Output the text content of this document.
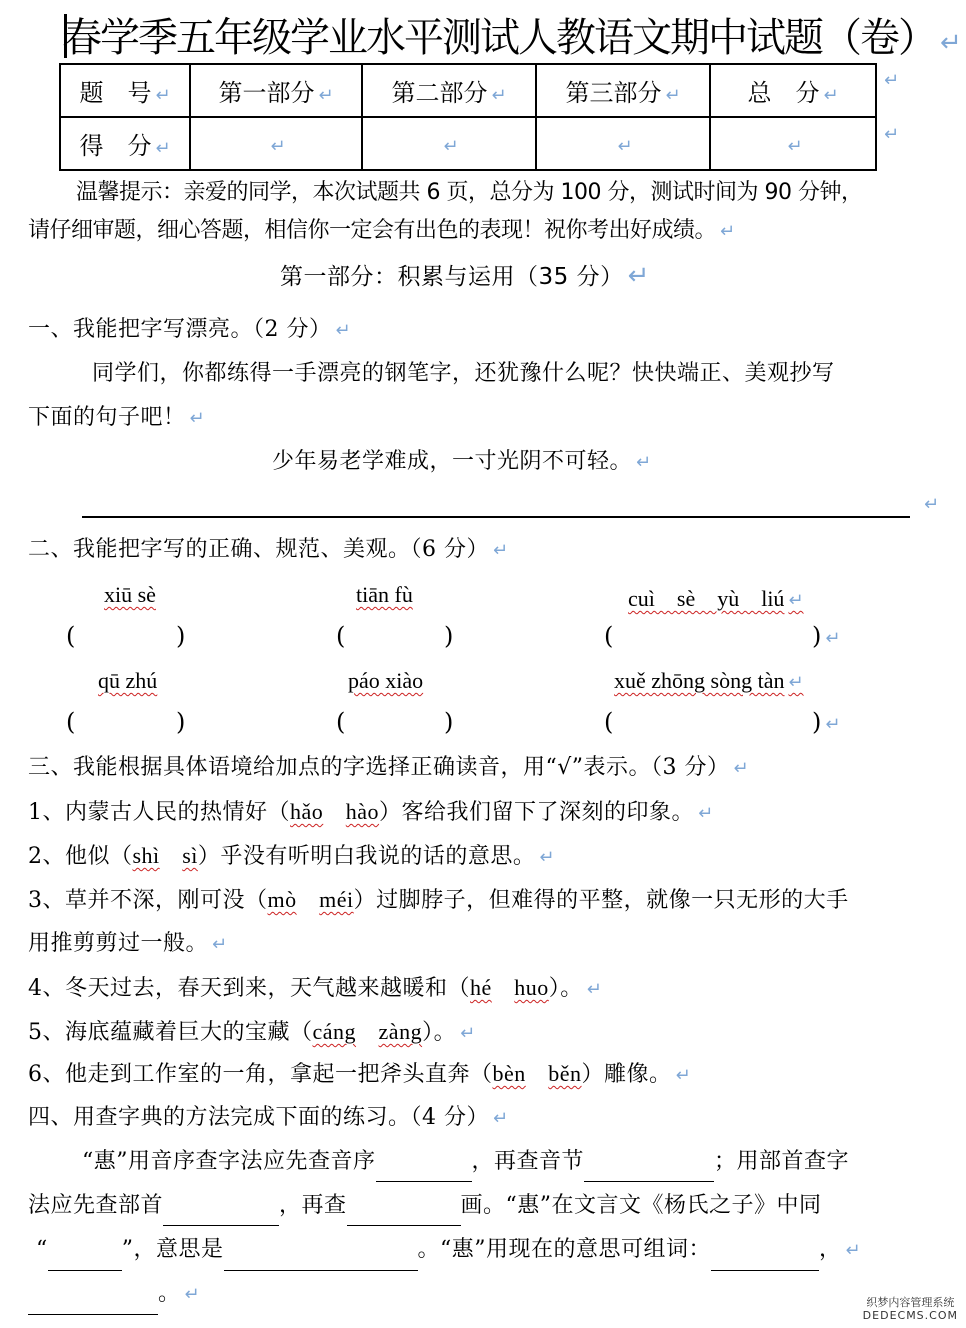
春学季五年级学业水平测试人教语文期中试题（卷） ↵
题　号 ↵	第一部分 ↵	第二部分 ↵	第三部分 ↵	总　分 ↵
得　分 ↵	↵	↵	↵	↵
↵
↵
温馨提示：亲爱的同学，本次试题共 6 页，总分为 100 分，测试时间为 90 分钟，
请仔细审题，细心答题，相信你一定会有出色的表现！祝你考出好成绩。 ↵
第一部分：积累与运用（35 分） ↵
一、我能把字写漂亮。（2 分） ↵
同学们，你都练得一手漂亮的钢笔字，还犹豫什么呢？快快端正、美观抄写
下面的句子吧！ ↵
少年易老学难成，一寸光阴不可轻。 ↵
↵
二、我能把字写的正确、规范、美观。（6 分） ↵
xiū sè	tiān fù	cuì　sè　yù　liú ↵
(	)	(	)	(	) ↵
qū zhú	páo xiào	xuě zhōng sòng tàn ↵
(	)	(	)	(	) ↵
三、我能根据具体语境给加点的字选择正确读音，用“√”表示。（3 分） ↵
1、内蒙古人民的热情好（hǎo　 hào）客给我们留下了深刻的印象。 ↵
2、他似（shì　 sì）乎没有听明白我说的话的意思。 ↵
3、草并不深，刚可没（mò　 méi）过脚脖子，但难得的平整，就像一只无形的大手
用推剪剪过一般。 ↵
4、冬天过去，春天到来，天气越来越暖和（hé　 huo）。 ↵
5、海底蕴藏着巨大的宝藏（cáng　 zàng）。 ↵
6、他走到工作室的一角，拿起一把斧头直奔（bèn　 běn）雕像。 ↵
四、用查字典的方法完成下面的练习。（4 分） ↵
“惠”用音序查字法应先查音序	，再查音节	；用部首查字
法应先查部首	，再查	画。“惠”在文言文《杨氏之子》中同
“	”，意思是	。“惠”用现在的意思可组词：	， ↵
。 ↵	织梦内容管理系统
DEDECMS.COM
